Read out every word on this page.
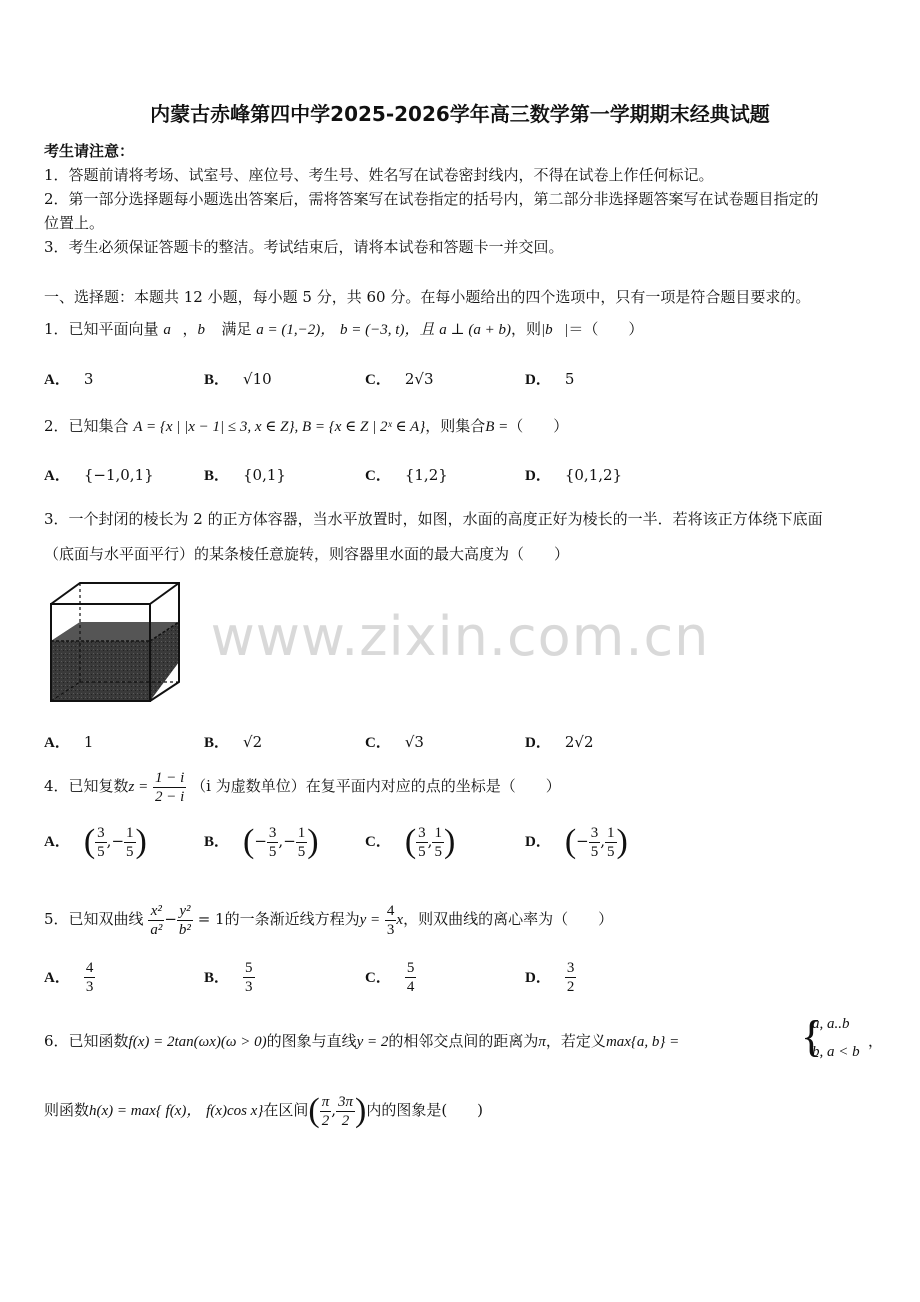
内蒙古赤峰第四中学2025-2026学年高三数学第一学期期末经典试题
考生请注意：
1．答题前请将考场、试室号、座位号、考生号、姓名写在试卷密封线内，不得在试卷上作任何标记。
2．第一部分选择题每小题选出答案后，需将答案写在试卷指定的括号内，第二部分非选择题答案写在试卷题目指定的
位置上。
3．考生必须保证答题卡的整洁。考试结束后，请将本试卷和答题卡一并交回。
一、选择题：本题共 12 小题，每小题 5 分，共 60 分。在每小题给出的四个选项中，只有一项是符合题目要求的。
1．已知平面向量 a⃗，b⃗ 满足 a = (1,−2)， b = (−3, t)，且 a ⊥ (a + b)，则|b⃗|＝（　　）
A． 3	B． √10	C． 2√3	D． 5
2．已知集合 A = {x | |x − 1| ≤ 3, x ∈ Z}, B = {x ∈ Z | 2ˣ ∈ A}，则集合B =（　　）
A． {−1,0,1}	B． {0,1}	C． {1,2}	D． {0,1,2}
3．一个封闭的棱长为 2 的正方体容器，当水平放置时，如图，水面的高度正好为棱长的一半．若将该正方体绕下底面
（底面与水平面平行）的某条棱任意旋转，则容器里水面的最大高度为（　　）
www.zixin.com.cn
A． 1	B． √2	C． √3	D． 2√2
4．已知复数$z = \frac{1 - i}{2 - i} (i$ 为虚数单位）在复平面内对应的点的坐标是（　　）
A． ( $\frac{3}{5}$ ,− $\frac{1}{5}$ )	B． (− $\frac{3}{5}$ ,− $\frac{1}{5}$ )	C． ( $\frac{3}{5}$ , $\frac{1}{5}$ )	D． (− $\frac{3}{5}$ , $\frac{1}{5}$ )
5．已知双曲线 $\frac{\text{x²}}{\text{a²}} - \frac{\text{y²}}{\text{b²}} = 1$的一条渐近线方程为$y = \frac{4}{3}$ x，则双曲线的离心率为（　　）
A． $\frac{4}{3}$	B． $\frac{5}{3}$	C． $\frac{5}{4}$	D． $\frac{3}{2}$
6．已知函数f(x) = 2tan(ωx)(ω > 0)的图象与直线y = 2的相邻交点间的距离为π，若定义max{a, b} =	{
a, a..b
b, a < b
，
则函数h(x) = max{ f(x)， f(x)cos x}在区间( $\frac{\pi}{2}$ , $\frac{3\pi}{2}$ )内的图象是(　　)
